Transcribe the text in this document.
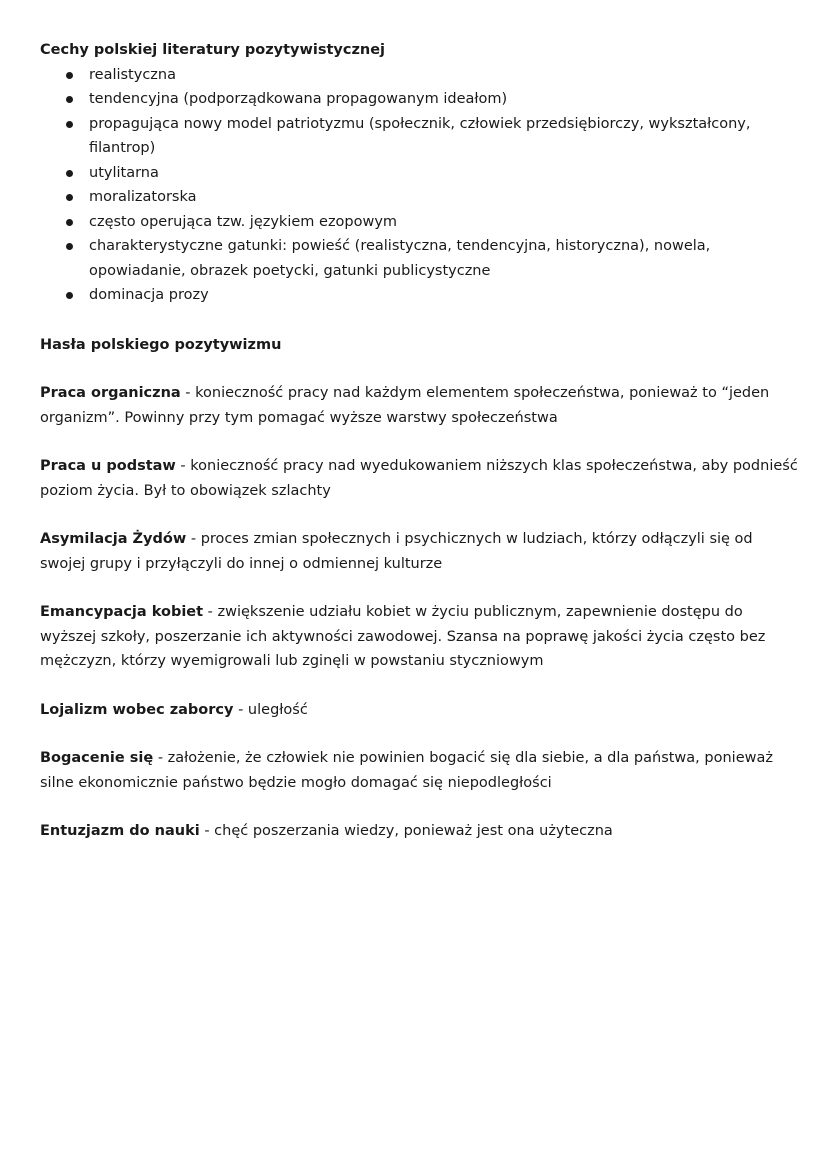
Cechy polskiej literatury pozytywistycznej

realistyczna
tendencyjna (podporządkowana propagowanym ideałom)
propagująca nowy model patriotyzmu (społecznik, człowiek przedsiębiorczy, wykształcony, filantrop)
utylitarna
moralizatorska
często operująca tzw. językiem ezopowym
charakterystyczne gatunki: powieść (realistyczna, tendencyjna, historyczna), nowela, opowiadanie, obrazek poetycki, gatunki publicystyczne
dominacja prozy

Hasła polskiego pozytywizmu

Praca organiczna - konieczność pracy nad każdym elementem społeczeństwa, ponieważ to “jeden organizm”. Powinny przy tym pomagać wyższe warstwy społeczeństwa

Praca u podstaw - konieczność pracy nad wyedukowaniem niższych klas społeczeństwa, aby podnieść poziom życia. Był to obowiązek szlachty

Asymilacja Żydów - proces zmian społecznych i psychicznych w ludziach, którzy odłączyli się od swojej grupy i przyłączyli do innej o odmiennej kulturze

Emancypacja kobiet - zwiększenie udziału kobiet w życiu publicznym, zapewnienie dostępu do wyższej szkoły, poszerzanie ich aktywności zawodowej. Szansa na poprawę jakości życia często bez mężczyzn, którzy wyemigrowali lub zginęli w powstaniu styczniowym

Lojalizm wobec zaborcy - uległość

Bogacenie się - założenie, że człowiek nie powinien bogacić się dla siebie, a dla państwa, ponieważ silne ekonomicznie państwo będzie mogło domagać się niepodległości

Entuzjazm do nauki - chęć poszerzania wiedzy, ponieważ jest ona użyteczna
